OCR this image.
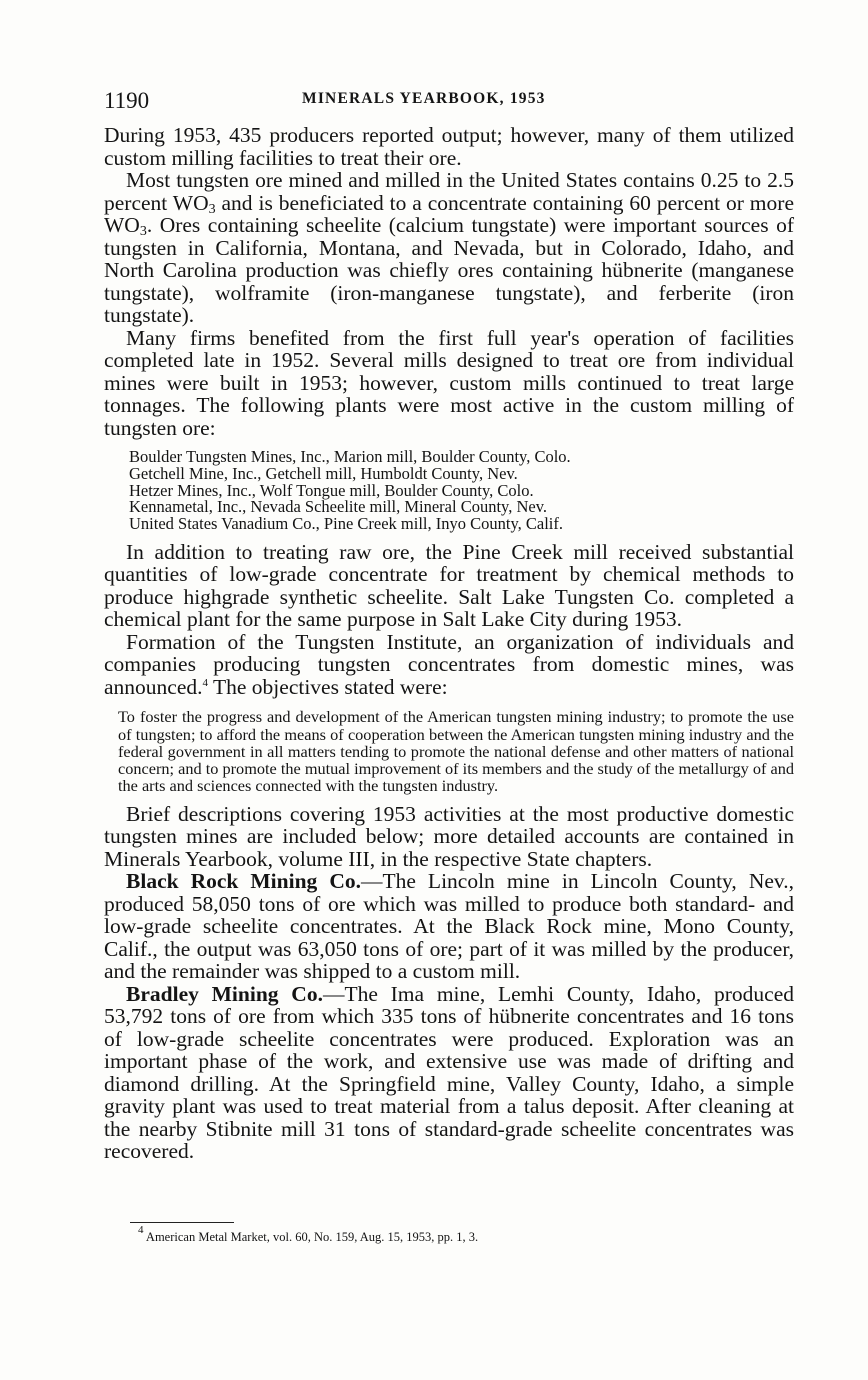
1190	MINERALS YEARBOOK, 1953

During 1953, 435 producers reported output; however, many of them utilized custom milling facilities to treat their ore.

Most tungsten ore mined and milled in the United States contains 0.25 to 2.5 percent $WO_3$ and is beneficiated to a concentrate containing 60 percent or more $WO_3$. Ores containing scheelite (calcium tungstate) were important sources of tungsten in California, Montana, and Nevada, but in Colorado, Idaho, and North Carolina production was chiefly ores containing hübnerite (manganese tungstate), wolframite (iron-manganese tungstate), and ferberite (iron tungstate).

Many firms benefited from the first full year's operation of facilities completed late in 1952. Several mills designed to treat ore from individual mines were built in 1953; however, custom mills continued to treat large tonnages. The following plants were most active in the custom milling of tungsten ore:

Boulder Tungsten Mines, Inc., Marion mill, Boulder County, Colo.
Getchell Mine, Inc., Getchell mill, Humboldt County, Nev.
Hetzer Mines, Inc., Wolf Tongue mill, Boulder County, Colo.
Kennametal, Inc., Nevada Scheelite mill, Mineral County, Nev.
United States Vanadium Co., Pine Creek mill, Inyo County, Calif.

In addition to treating raw ore, the Pine Creek mill received substantial quantities of low-grade concentrate for treatment by chemical methods to produce highgrade synthetic scheelite. Salt Lake Tungsten Co. completed a chemical plant for the same purpose in Salt Lake City during 1953.

Formation of the Tungsten Institute, an organization of individuals and companies producing tungsten concentrates from domestic mines, was announced.$^4$ The objectives stated were:

To foster the progress and development of the American tungsten mining industry; to promote the use of tungsten; to afford the means of cooperation between the American tungsten mining industry and the federal government in all matters tending to promote the national defense and other matters of national concern; and to promote the mutual improvement of its members and the study of the metallurgy of and the arts and sciences connected with the tungsten industry.

Brief descriptions covering 1953 activities at the most productive domestic tungsten mines are included below; more detailed accounts are contained in Minerals Yearbook, volume III, in the respective State chapters.

Black Rock Mining Co.—The Lincoln mine in Lincoln County, Nev., produced 58,050 tons of ore which was milled to produce both standard- and low-grade scheelite concentrates. At the Black Rock mine, Mono County, Calif., the output was 63,050 tons of ore; part of it was milled by the producer, and the remainder was shipped to a custom mill.

Bradley Mining Co.—The Ima mine, Lemhi County, Idaho, produced 53,792 tons of ore from which 335 tons of hübnerite concentrates and 16 tons of low-grade scheelite concentrates were produced. Exploration was an important phase of the work, and extensive use was made of drifting and diamond drilling. At the Springfield mine, Valley County, Idaho, a simple gravity plant was used to treat material from a talus deposit. After cleaning at the nearby Stibnite mill 31 tons of standard-grade scheelite concentrates was recovered.

4 American Metal Market, vol. 60, No. 159, Aug. 15, 1953, pp. 1, 3.
